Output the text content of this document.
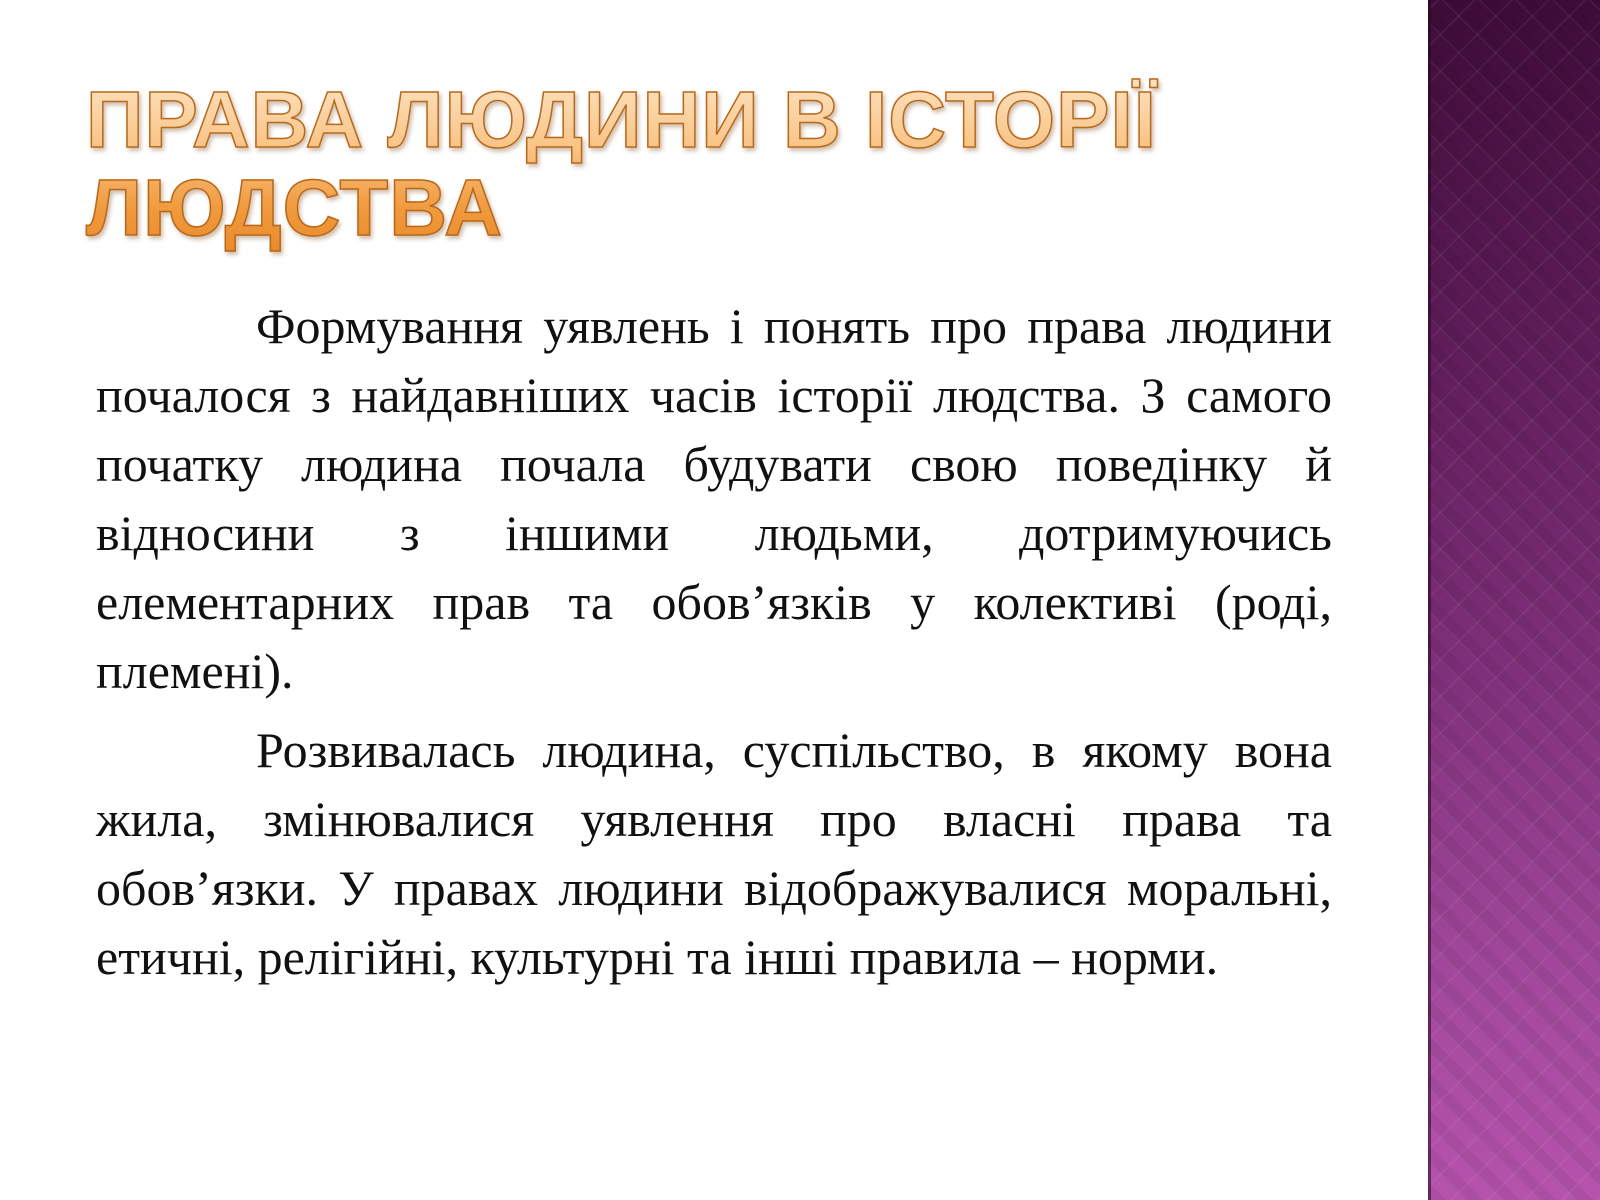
ПРАВА ЛЮДИНИ В ІСТОРІЇ ЛЮДСТВА

Формування уявлень і понять про права людини почалося з найдавніших часів історії людства. З самого початку людина почала будувати свою поведінку й відносини з іншими людьми, дотримуючись елементарних прав та обов’язків у колективі (роді, племені).

Розвивалась людина, суспільство, в якому вона жила, змінювалися уявлення про власні права та обов’язки. У правах людини відображувалися моральні, етичні, релігійні, культурні та інші правила – норми.
